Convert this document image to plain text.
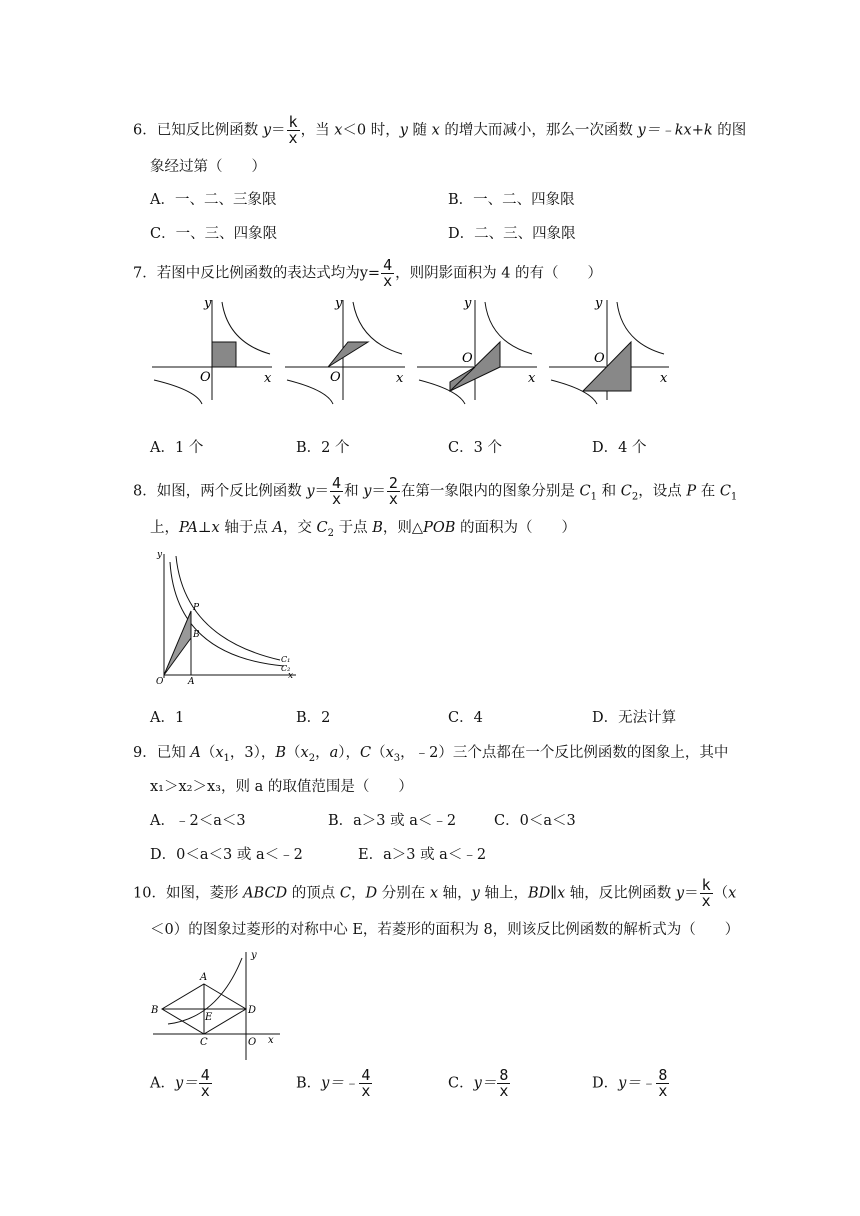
6．已知反比例函数 $y= \frac{k}{x}$ ，当 x＜0 时，y 随 x 的增大而减小，那么一次函数 y＝﹣kx+k 的图
象经过第（　　）
A．一、二、三象限	B．一、二、四象限
C．一、三、四象限	D．二、三、四象限
7．若图中反比例函数的表达式均为$y= \frac{4}{x}$ ，则阴影面积为 4 的有（　　）
y
x
O
y
x
O
y
x
O
y
x
O
A．1 个	B．2 个	C．3 个	D．4 个
8．如图，两个反比例函数 $y= \frac{4}{x}$ 和 $y= \frac{2}{x}$ 在第一象限内的图象分别是 $C_1$ 和 $C_2$，设点 P 在 $C_1$
上，PA⊥x 轴于点 A，交 $C_2$ 于点 B，则△POB 的面积为（　　）
y
x
O	A
B
P
C₁
C₂
A．1	B．2	C．4	D．无法计算
9．已知 $A(x_1$，3），$B(x_2$，a），$C(x_3$，﹣2）三个点都在一个反比例函数的图象上，其中
x₁＞x₂＞x₃，则 a 的取值范围是（　　）
A．﹣2＜a＜3	B．a＞3 或 a＜﹣2	C．0＜a＜3
D．0＜a＜3 或 a＜﹣2	E．a＞3 或 a＜﹣2
10．如图，菱形 ABCD 的顶点 C，D 分别在 x 轴，y 轴上，BD∥x 轴，反比例函数 $y= \frac{k}{x} (x$
＜0）的图象过菱形的对称中心 E，若菱形的面积为 8，则该反比例函数的解析式为（　　）
y
x
O
A
B
C
D
E
A．$y= \frac{4}{x}$	B．y＝﹣ $\frac{4}{x}$	C．$y= \frac{8}{x}$	D．y＝﹣ $\frac{8}{x}$
